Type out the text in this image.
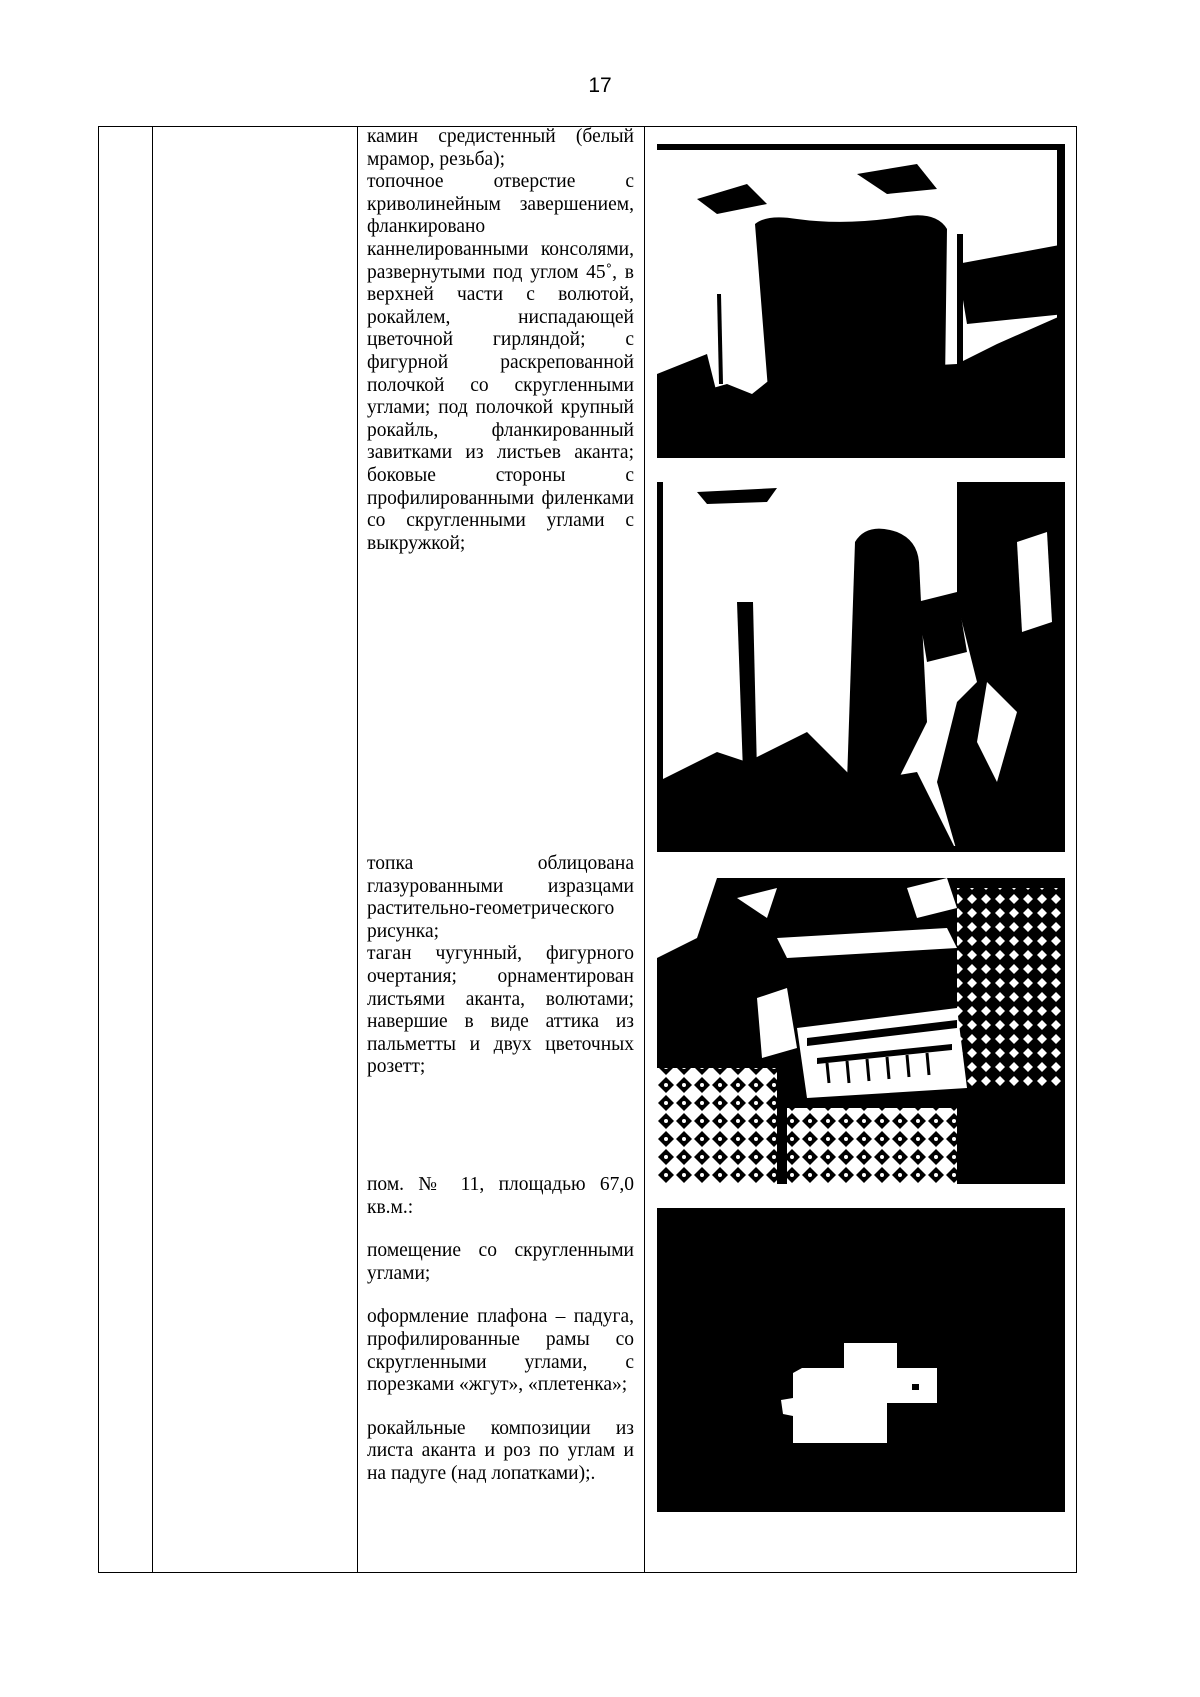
17

камин средистенный (белый мрамор, резьба);

топочное отверстие с криволинейным завершением, фланкировано каннелированными консолями, развернутыми под углом 45˚, в верхней части с волютой, рокайлем, ниспадающей цветочной гирляндой; с фигурной раскрепованной полочкой со скругленными углами; под полочкой крупный рокайль, фланкированный завитками из листьев аканта; боковые стороны с профилированными филенками со скругленными углами с выкружкой;

топка облицована глазурованными изразцами растительно-геометрического рисунка;

таган чугунный, фигурного очертания; орнаментирован листьями аканта, волютами; навершие в виде аттика из пальметты и двух цветочных розетт;

пом. № 11, площадью 67,0 кв.м.:

помещение со скругленными углами;

оформление плафона – падуга, профилированные рамы со скругленными углами, с порезками «жгут», «плетенка»;

рокайльные композиции из листа аканта и роз по углам и на падуге (над лопатками);.
